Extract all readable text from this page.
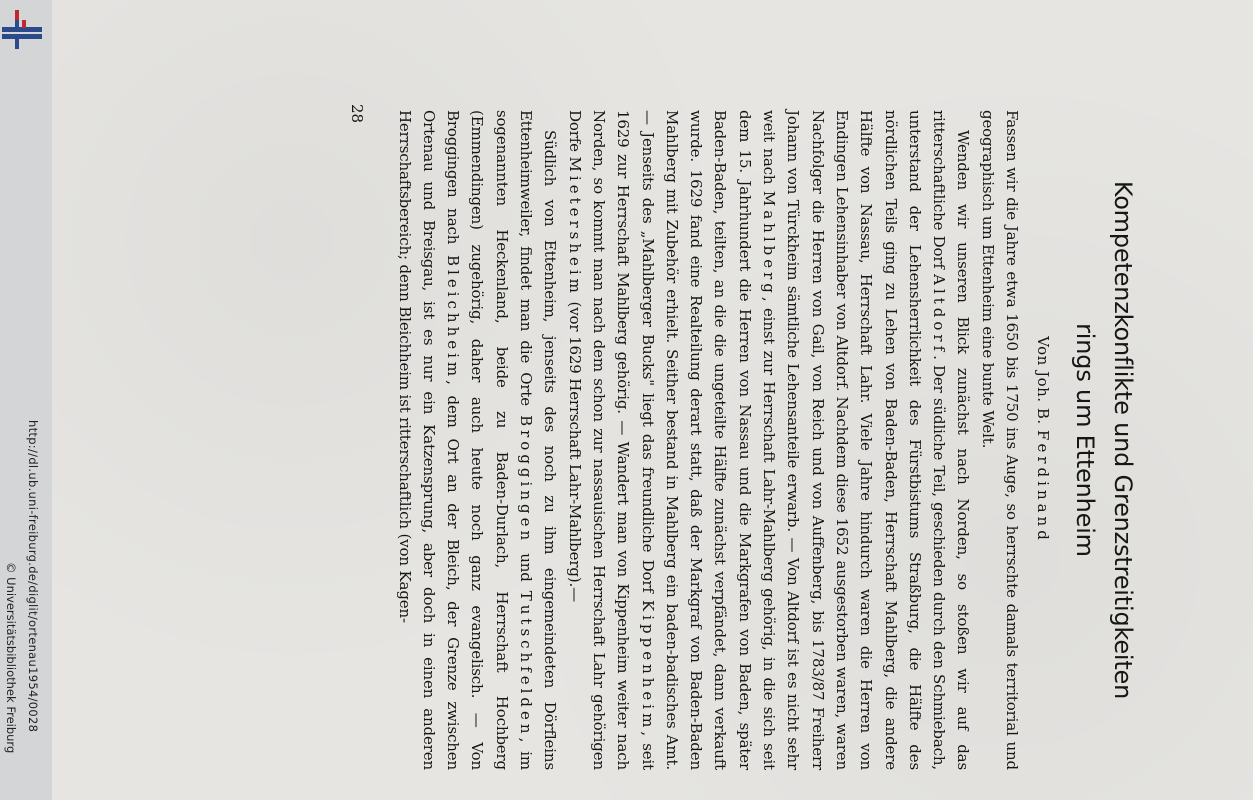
http://dl.ub.uni-freiburg.de/diglit/ortenau1954/0028
© Universitätsbibliothek Freiburg	Kompetenzkonflikte und Grenzstreitigkeiten
rings um Ettenheim
Von Joh. B. Ferdinand

Fassen wir die Jahre etwa 1650 bis 1750 ins Auge, so herrschte damals territorial und geographisch um Ettenheim eine bunte Welt.

Wenden wir unseren Blick zunächst nach Norden, so stoßen wir auf das ritterschaftliche Dorf Altdorf. Der südliche Teil, geschieden durch den Schmiebach, unterstand der Lehensherrlichkeit des Fürstbistums Straßburg, die Hälfte des nördlichen Teils ging zu Lehen von Baden-Baden, Herrschaft Mahlberg, die andere Hälfte von Nassau, Herrschaft Lahr. Viele Jahre hindurch waren die Herren von Endingen Lehensinhaber von Altdorf. Nachdem diese 1652 ausgestorben waren, waren Nachfolger die Herren von Gail, von Reich und von Auffenberg, bis 1783/87 Freiherr Johann von Türckheim sämtliche Lehensanteile erwarb. — Von Altdorf ist es nicht sehr weit nach Mahlberg, einst zur Herrschaft Lahr-Mahlberg gehörig, in die sich seit dem 15. Jahrhundert die Herren von Nassau und die Markgrafen von Baden, später Baden-Baden, teilten, an die die ungeteilte Hälfte zunächst verpfändet, dann verkauft wurde. 1629 fand eine Realteilung derart statt, daß der Markgraf von Baden-Baden Mahlberg mit Zubehör erhielt. Seither bestand in Mahlberg ein baden-badisches Amt. — Jenseits des „Mahlberger Bucks" liegt das freundliche Dorf Kippenheim, seit 1629 zur Herrschaft Mahlberg gehörig. — Wandert man von Kippenheim weiter nach Norden, so kommt man nach dem schon zur nassauischen Herrschaft Lahr gehörigen Dorfe Mietersheim (vor 1629 Herrschaft Lahr-Mahlberg).—

Südlich von Ettenheim, jenseits des noch zu ihm eingemeindeten Dörfleins Ettenheimweiler, findet man die Orte Broggingen und Tutschfelden, im sogenannten Heckenland, beide zu Baden-Durlach, Herrschaft Hochberg (Emmendingen) zugehörig, daher auch heute noch ganz evangelisch. — Von Broggingen nach Bleichheim, dem Ort an der Bleich, der Grenze zwischen Ortenau und Breisgau, ist es nur ein Katzensprung, aber doch in einen anderen Herrschaftsbereich; denn Bleichheim ist ritterschaftlich (von Kagen-

28
